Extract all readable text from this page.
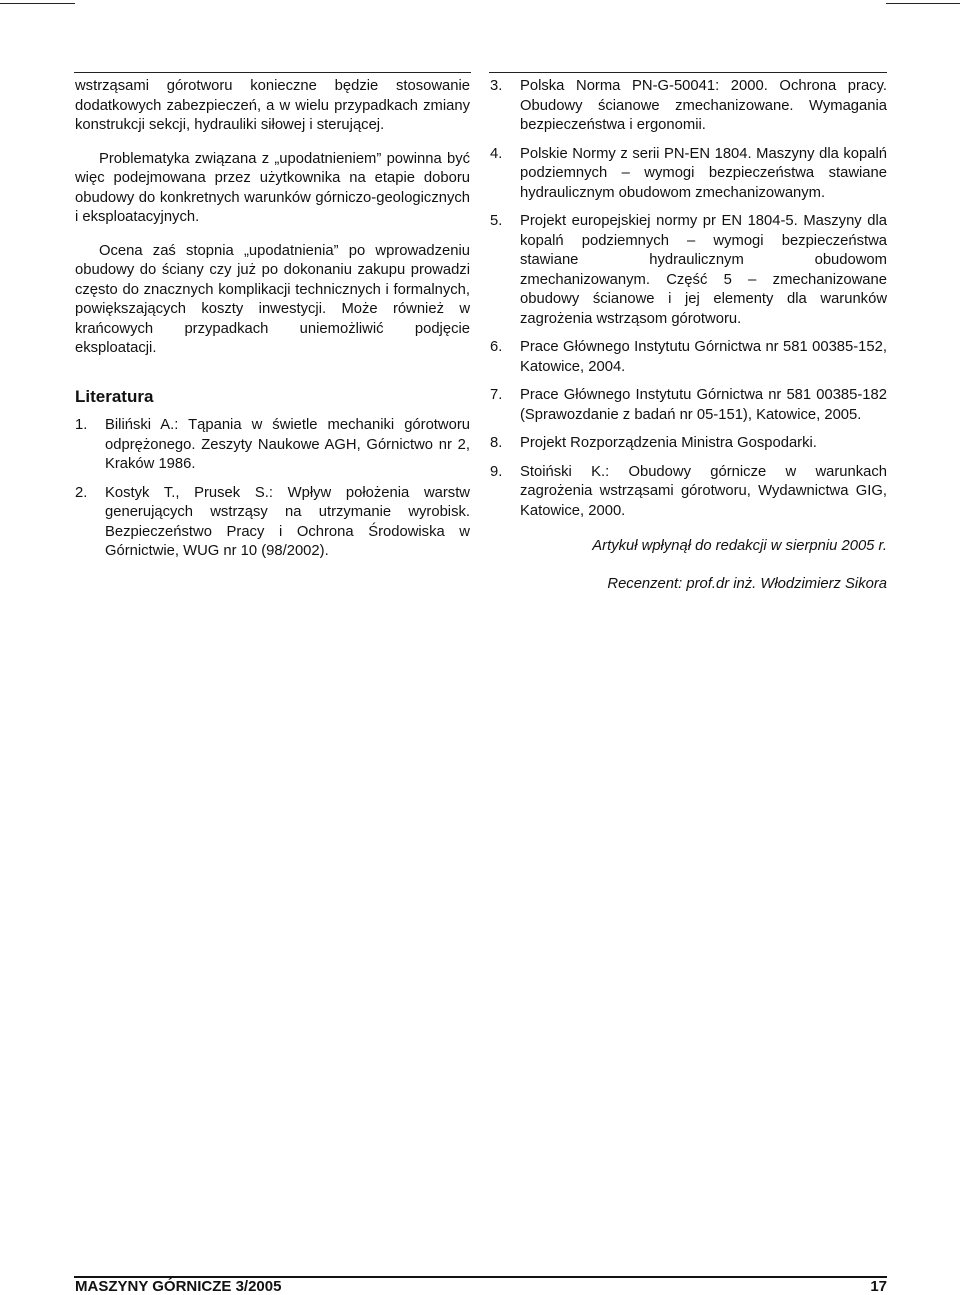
wstrząsami górotworu konieczne będzie stosowanie dodatkowych zabezpieczeń, a w wielu przypadkach zmiany konstrukcji sekcji, hydrauliki siłowej i sterującej.

Problematyka związana z „upodatnieniem” powinna być więc podejmowana przez użytkownika na etapie doboru obudowy do konkretnych warunków górniczo-geologicznych i eksploatacyjnych.

Ocena zaś stopnia „upodatnienia” po wprowadzeniu obudowy do ściany czy już po dokonaniu zakupu prowadzi często do znacznych komplikacji technicznych i formalnych, powiększających koszty inwestycji. Może również w krańcowych przypadkach uniemożliwić podjęcie eksploatacji.

Literatura
1. Biliński A.: Tąpania w świetle mechaniki górotworu odprężonego. Zeszyty Naukowe AGH, Górnictwo nr 2, Kraków 1986.
2. Kostyk T., Prusek S.: Wpływ położenia warstw generujących wstrząsy na utrzymanie wyrobisk. Bezpieczeństwo Pracy i Ochrona Środowiska w Górnictwie, WUG nr 10 (98/2002).
3. Polska Norma PN-G-50041: 2000. Ochrona pracy. Obudowy ścianowe zmechanizowane. Wymagania bezpieczeństwa i ergonomii.
4. Polskie Normy z serii PN-EN 1804. Maszyny dla kopalń podziemnych – wymogi bezpieczeństwa stawiane hydraulicznym obudowom zmechanizowanym.
5. Projekt europejskiej normy pr EN 1804-5. Maszyny dla kopalń podziemnych – wymogi bezpieczeństwa stawiane hydraulicznym obudowom zmechanizowanym. Część 5 – zmechanizowane obudowy ścianowe i jej elementy dla warunków zagrożenia wstrząsom górotworu.
6. Prace Głównego Instytutu Górnictwa nr 581 00385-152, Katowice, 2004.
7. Prace Głównego Instytutu Górnictwa nr 581 00385-182 (Sprawozdanie z badań nr 05-151), Katowice, 2005.
8. Projekt Rozporządzenia Ministra Gospodarki.
9. Stoiński K.: Obudowy górnicze w warunkach zagrożenia wstrząsami górotworu, Wydawnictwa GIG, Katowice, 2000.

Artykuł wpłynął do redakcji w sierpniu 2005 r.

Recenzent: prof.dr inż. Włodzimierz Sikora

MASZYNY GÓRNICZE 3/2005	17
